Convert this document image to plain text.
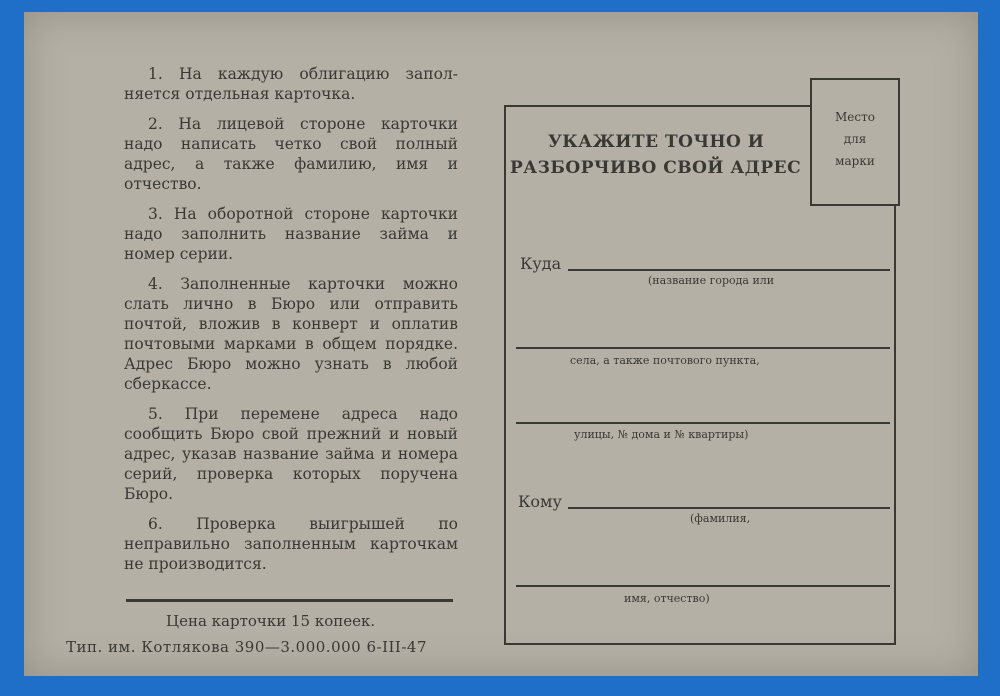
1. На каждую облигацию запол-няется отдельная карточка.

2. На лицевой стороне карточки надо написать четко свой полный адрес, а также фамилию, имя и отчество.

3. На оборотной стороне карточки надо заполнить название займа и номер серии.

4. Заполненные карточки можно слать лично в Бюро или отправить почтой, вложив в конверт и оплатив почтовыми марками в общем порядке. Адрес Бюро можно узнать в любой сберкассе.

5. При перемене адреса надо сообщить Бюро свой прежний и новый адрес, указав название займа и номера серий, проверка которых поручена Бюро.

6. Проверка выигрышей по неправильно заполненным карточкам не производится.

Цена карточки 15 копеек.
Тип. им. Котлякова 390—3.000.000 6-III-47
УКАЖИТЕ ТОЧНО И
РАЗБОРЧИВО СВОЙ АДРЕС
Место
для
марки
Куда
(название города или
села, а также почтового пункта,
улицы, № дома и № квартиры)
Кому
(фамилия,
имя, отчество)
